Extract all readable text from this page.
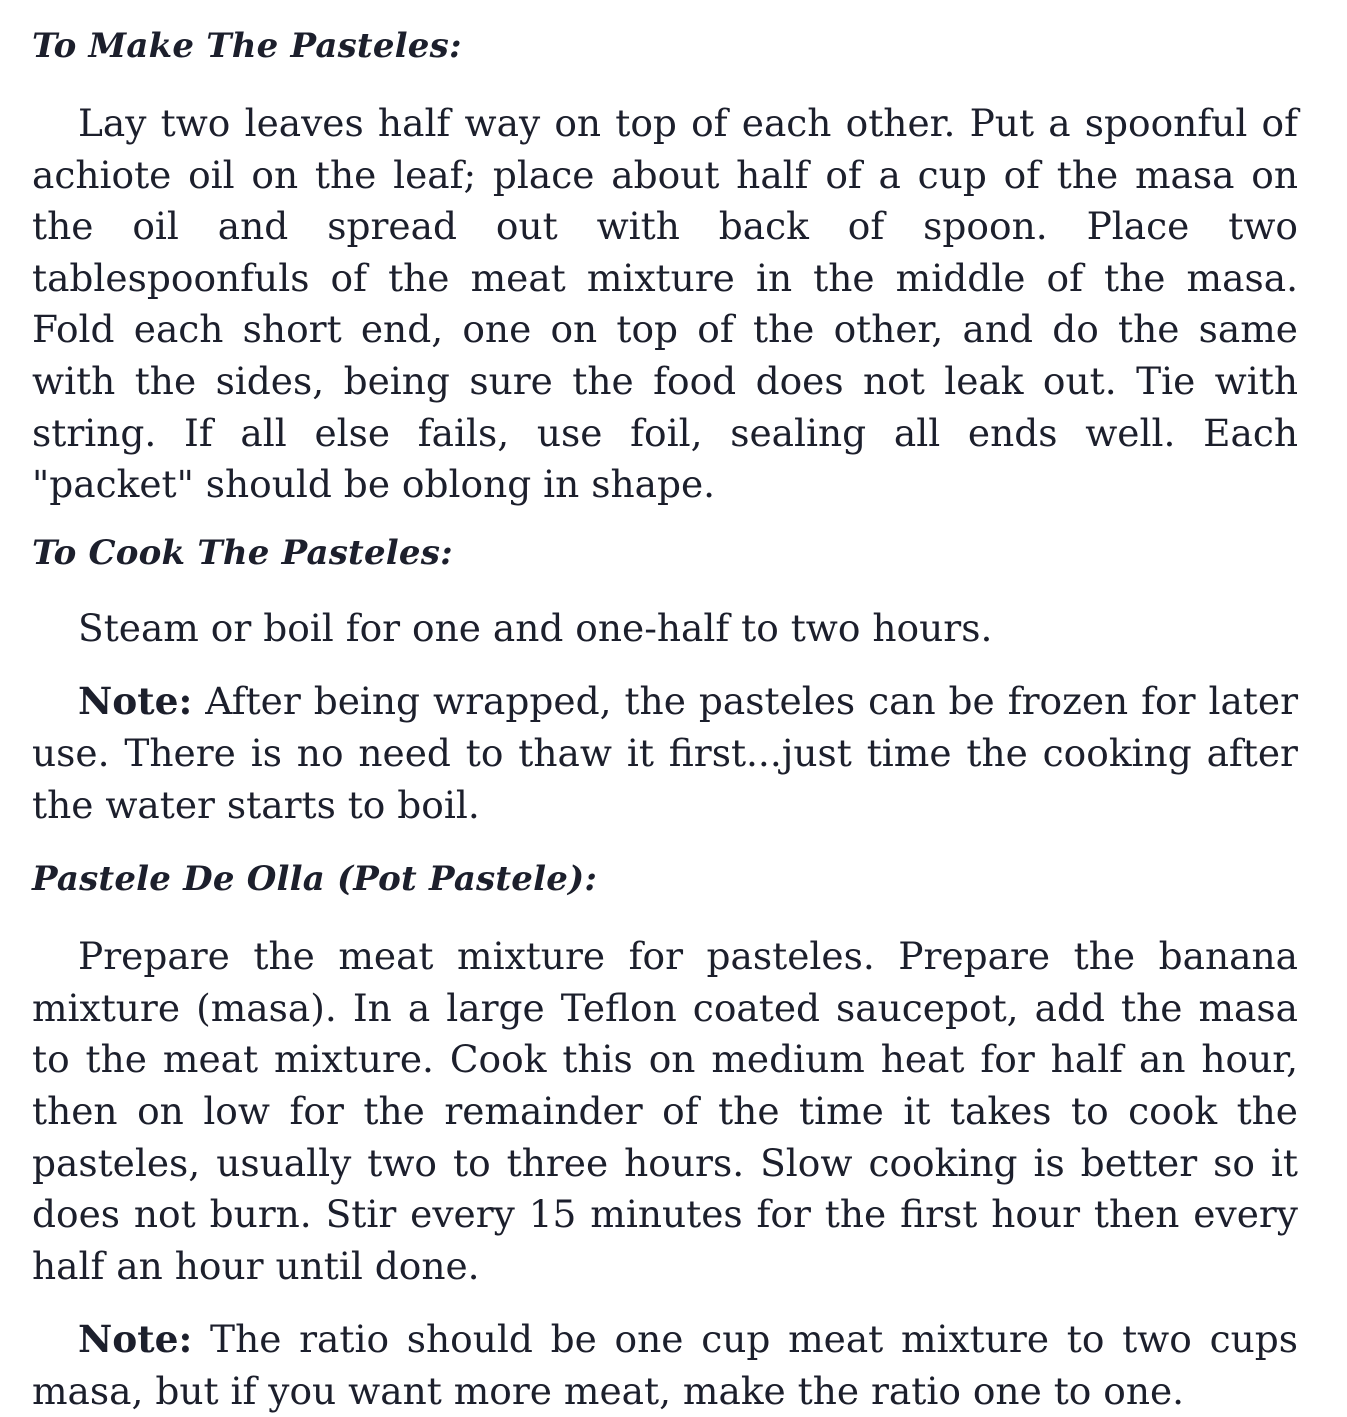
To Make The Pasteles:

Lay two leaves half way on top of each other. Put a spoonful of achiote oil on the leaf; place about half of a cup of the masa on the oil and spread out with back of spoon. Place two tablespoonfuls of the meat mixture in the middle of the masa. Fold each short end, one on top of the other, and do the same with the sides, being sure the food does not leak out. Tie with string. If all else fails, use foil, sealing all ends well. Each "packet" should be oblong in shape.

To Cook The Pasteles:

Steam or boil for one and one-half to two hours.

Note: After being wrapped, the pasteles can be frozen for later use. There is no need to thaw it first...just time the cooking after the water starts to boil.

Pastele De Olla (Pot Pastele):

Prepare the meat mixture for pasteles. Prepare the banana mixture (masa). In a large Teflon coated saucepot, add the masa to the meat mixture. Cook this on medium heat for half an hour, then on low for the remainder of the time it takes to cook the pasteles, usually two to three hours. Slow cooking is better so it does not burn. Stir every 15 minutes for the first hour then every half an hour until done.

Note: The ratio should be one cup meat mixture to two cups masa, but if you want more meat, make the ratio one to one.
